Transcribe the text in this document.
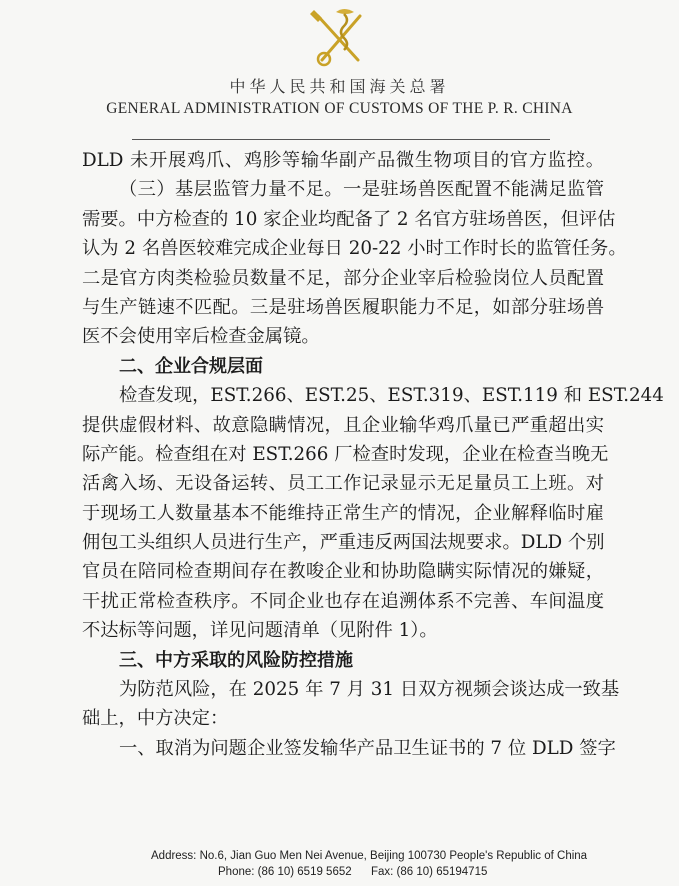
中华人民共和国海关总署
GENERAL ADMINISTRATION OF CUSTOMS OF THE P. R. CHINA
DLD 未开展鸡爪、鸡胗等输华副产品微生物项目的官方监控。
（三）基层监管力量不足。一是驻场兽医配置不能满足监管
需要。中方检查的 10 家企业均配备了 2 名官方驻场兽医，但评估
认为 2 名兽医较难完成企业每日 20-22 小时工作时长的监管任务。
二是官方肉类检验员数量不足，部分企业宰后检验岗位人员配置
与生产链速不匹配。三是驻场兽医履职能力不足，如部分驻场兽
医不会使用宰后检查金属镜。
二、企业合规层面
检查发现，EST.266、EST.25、EST.319、EST.119 和 EST.244
提供虚假材料、故意隐瞒情况，且企业输华鸡爪量已严重超出实
际产能。检查组在对 EST.266 厂检查时发现，企业在检查当晚无
活禽入场、无设备运转、员工工作记录显示无足量员工上班。对
于现场工人数量基本不能维持正常生产的情况，企业解释临时雇
佣包工头组织人员进行生产，严重违反两国法规要求。DLD 个别
官员在陪同检查期间存在教唆企业和协助隐瞒实际情况的嫌疑，
干扰正常检查秩序。不同企业也存在追溯体系不完善、车间温度
不达标等问题，详见问题清单（见附件 1）。
三、中方采取的风险防控措施
为防范风险，在 2025 年 7 月 31 日双方视频会谈达成一致基
础上，中方决定：
一、取消为问题企业签发输华产品卫生证书的 7 位 DLD 签字
Address: No.6, Jian Guo Men Nei Avenue, Beijing 100730 People's Republic of China
Phone: (86 10) 6519 5652 Fax: (86 10) 65194715
